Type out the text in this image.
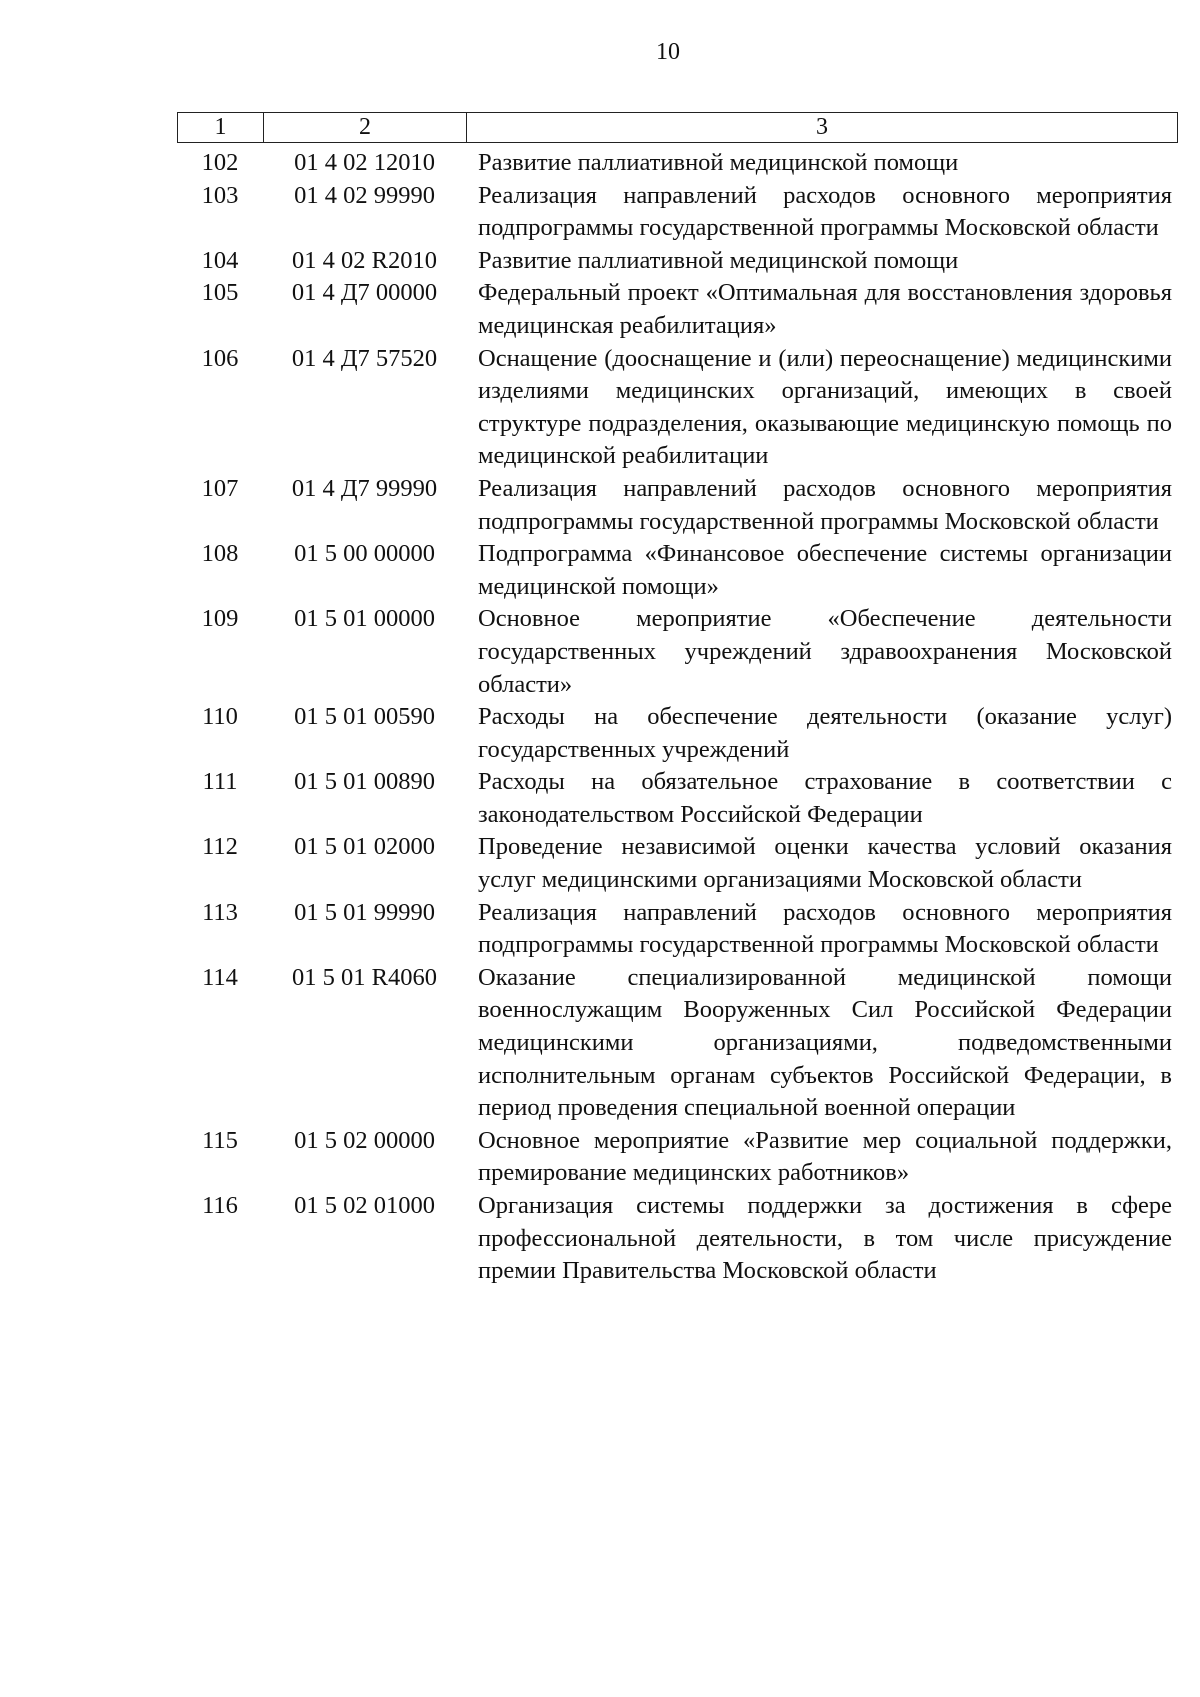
10
1	2	3
102	01 4 02 12010	Развитие паллиативной медицинской помощи
103	01 4 02 99990	Реализация направлений расходов основного мероприятия подпрограммы государственной программы Московской области
104	01 4 02 R2010	Развитие паллиативной медицинской помощи
105	01 4 Д7 00000	Федеральный проект «Оптимальная для восстановления здоровья медицинская реабилитация»
106	01 4 Д7 57520	Оснащение (дооснащение и (или) переоснащение) медицинскими изделиями медицинских организаций, имеющих в своей структуре подразделения, оказывающие медицинскую помощь по медицинской реабилитации
107	01 4 Д7 99990	Реализация направлений расходов основного мероприятия подпрограммы государственной программы Московской области
108	01 5 00 00000	Подпрограмма «Финансовое обеспечение системы организации медицинской помощи»
109	01 5 01 00000	Основное мероприятие «Обеспечение деятельности государственных учреждений здравоохранения Московской области»
110	01 5 01 00590	Расходы на обеспечение деятельности (оказание услуг) государственных учреждений
111	01 5 01 00890	Расходы на обязательное страхование в соответствии с законодательством Российской Федерации
112	01 5 01 02000	Проведение независимой оценки качества условий оказания услуг медицинскими организациями Московской области
113	01 5 01 99990	Реализация направлений расходов основного мероприятия подпрограммы государственной программы Московской области
114	01 5 01 R4060	Оказание специализированной медицинской помощи военнослужащим Вооруженных Сил Российской Федерации медицинскими организациями, подведомственными исполнительным органам субъектов Российской Федерации, в период проведения специальной военной операции
115	01 5 02 00000	Основное мероприятие «Развитие мер социальной поддержки, премирование медицинских работников»
116	01 5 02 01000	Организация системы поддержки за достижения в сфере профессиональной деятельности, в том числе присуждение премии Правительства Московской области
